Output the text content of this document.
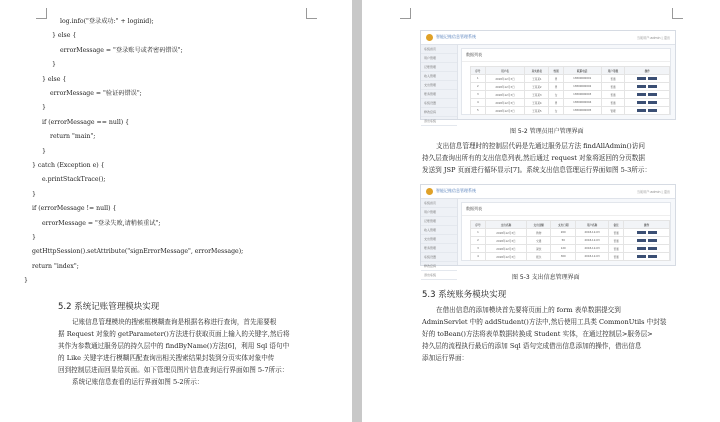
log.info("登录成功:" + loginid);
} else {
errorMessage = "登录账号或者密码错误";
}
} else {
errorMessage = "验证码错误";
}
if (errorMessage == null) {
return "main";
}
} catch (Exception e) {
e.printStackTrace();
}
if (errorMessage != null) {
errorMessage = "登录失败,请稍候重试";
}
getHttpSession().setAttribute("signErrorMessage", errorMessage);
return "index";
}
5.2 系统记账管理模块实现
记账信息管理模块的搜索框模糊查询是根据名称进行查询，首先需要根
据 Request 对象的 getParameter()方法进行获取页面上输入的关键字,然后将
其作为参数通过服务层的持久层中的 findByName()方法[6]，利用 Sql 语句中
的 Like 关键字进行模糊匹配查询出相关搜索结果封装到分页实体对象中传
回到控制层进而回显给页面。如下管理员图片信息查询运行界面如图 5-7所示：
系统记账信息查看的运行界面如图 5-2所示：
智能记账信息管理系统	当前用户:admin | 退出
系统首页
用户管理
记账管理
收入管理
支出管理
账务管理
系统设置
修改密码
退出系统
数据列表
序号	用户名	真实姓名	性别	联系电话	用户等级	操作
1	2018年12月3日	王某某1	男	13800000001	普通	
2	2018年12月3日	王某某2	男	13800000002	普通	
3	2018年12月3日	王某某3	女	13800000003	普通	
4	2018年12月3日	王某某4	男	13800000004	普通	
5	2018年12月3日	王某某5	女	13800000005	管理	
图 5-2 管理员用户管理界面
支出信息管理时的控制层代码是先通过服务层方法 findAllAdmin()访问
持久层查询出所有的支出信息列表,然后通过 request 对象将返回的分页数据
发送到 JSP 页面进行循环显示[7]。系统支出信息管理运行界面如图 5-3所示：
智能记账信息管理系统	当前用户:admin | 退出
系统首页
用户管理
记账管理
收入管理
支出管理
账务管理
系统设置
修改密码
退出系统
数据列表
序号	支出名称	支出金额	支出日期	用户名称	备注	操作
1	2018年12月3日	购物	200	2018-12-03	普通	
2	2018年12月3日	交通	50	2018-12-03	普通	
3	2018年12月3日	餐饮	120	2018-12-03	普通	
4	2018年12月3日	娱乐	300	2018-12-03	普通	
图 5-3 支出信息管理界面
5.3 系统账务模块实现
在借出信息的添加模块首先要将页面上的 form 表单数据提交到
AdminServlet 中的 addStudent()方法中,然后使用工具类 CommonUtils 中封装
好的 toBean()方法将表单数据转换成 Student 实体，在通过控制层>服务层>
持久层的流程执行最后的添加 Sql 语句完成借出信息添加的操作，借出信息
添加运行界面：
